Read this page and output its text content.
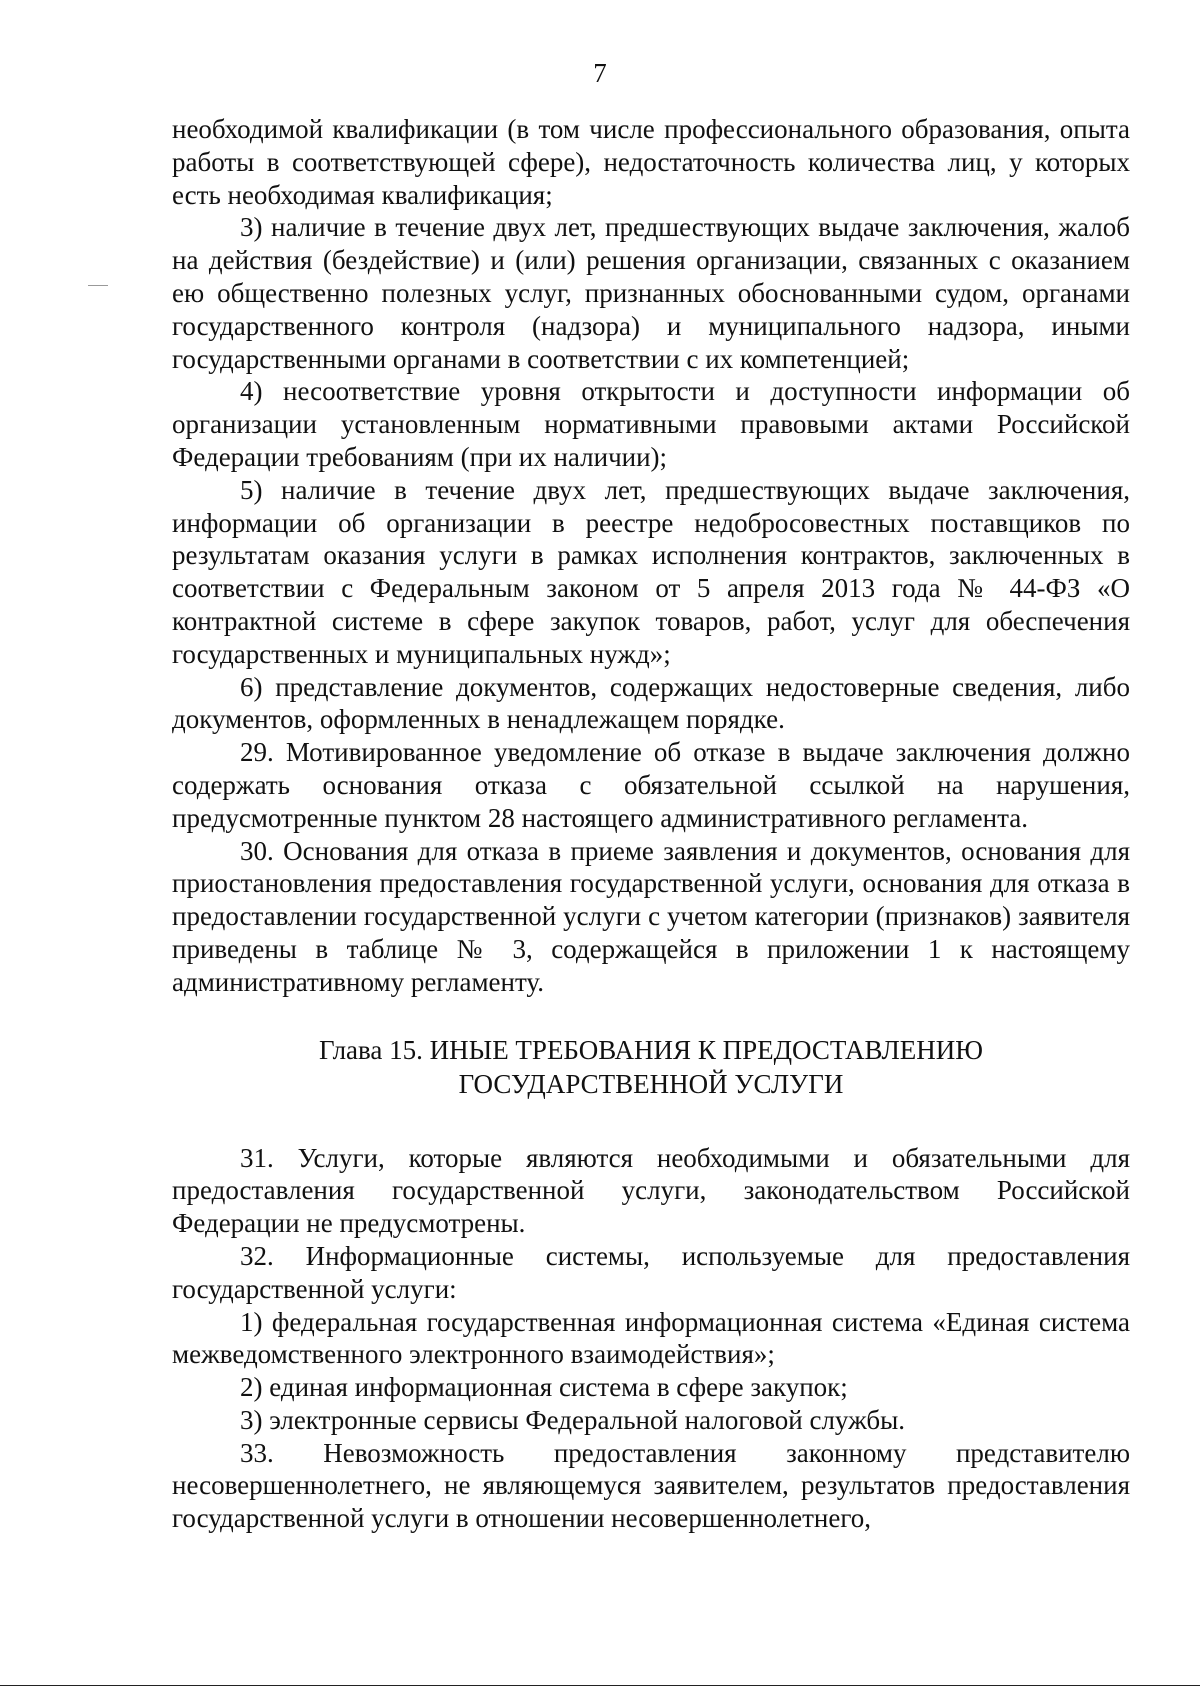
7

необходимой квалификации (в том числе профессионального образования, опыта работы в соответствующей сфере), недостаточность количества лиц, у которых есть необходимая квалификация;

3) наличие в течение двух лет, предшествующих выдаче заключения, жалоб на действия (бездействие) и (или) решения организации, связанных с оказанием ею общественно полезных услуг, признанных обоснованными судом, органами государственного контроля (надзора) и муниципального надзора, иными государственными органами в соответствии с их компетенцией;

4) несоответствие уровня открытости и доступности информации об организации установленным нормативными правовыми актами Российской Федерации требованиям (при их наличии);

5) наличие в течение двух лет, предшествующих выдаче заключения, информации об организации в реестре недобросовестных поставщиков по результатам оказания услуги в рамках исполнения контрактов, заключенных в соответствии с Федеральным законом от 5 апреля 2013 года № 44-ФЗ «О контрактной системе в сфере закупок товаров, работ, услуг для обеспечения государственных и муниципальных нужд»;

6) представление документов, содержащих недостоверные сведения, либо документов, оформленных в ненадлежащем порядке.

29. Мотивированное уведомление об отказе в выдаче заключения должно содержать основания отказа с обязательной ссылкой на нарушения, предусмотренные пунктом 28 настоящего административного регламента.

30. Основания для отказа в приеме заявления и документов, основания для приостановления предоставления государственной услуги, основания для отказа в предоставлении государственной услуги с учетом категории (признаков) заявителя приведены в таблице № 3, содержащейся в приложении 1 к настоящему административному регламенту.

Глава 15. ИНЫЕ ТРЕБОВАНИЯ К ПРЕДОСТАВЛЕНИЮ
ГОСУДАРСТВЕННОЙ УСЛУГИ

31. Услуги, которые являются необходимыми и обязательными для предоставления государственной услуги, законодательством Российской Федерации не предусмотрены.

32. Информационные системы, используемые для предоставления государственной услуги:

1) федеральная государственная информационная система «Единая система межведомственного электронного взаимодействия»;

2) единая информационная система в сфере закупок;

3) электронные сервисы Федеральной налоговой службы.

33. Невозможность предоставления законному представителю несовершеннолетнего, не являющемуся заявителем, результатов предоставления государственной услуги в отношении несовершеннолетнего,
